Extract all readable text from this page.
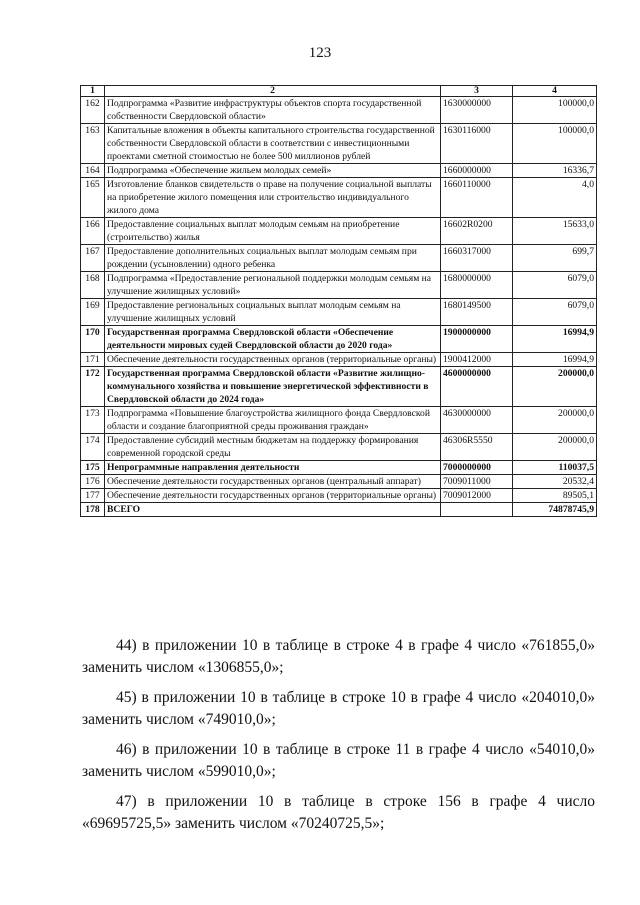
123
1	2	3	4
162	Подпрограмма «Развитие инфраструктуры объектов спорта государственной собственности Свердловской области»	1630000000	100000,0
163	Капитальные вложения в объекты капитального строительства государственной собственности Свердловской области в соответствии с инвестиционными проектами сметной стоимостью не более 500 миллионов рублей	1630116000	100000,0
164	Подпрограмма «Обеспечение жильем молодых семей»	1660000000	16336,7
165	Изготовление бланков свидетельств о праве на получение социальной выплаты на приобретение жилого помещения или строительство индивидуального жилого дома	1660110000	4,0
166	Предоставление социальных выплат молодым семьям на приобретение (строительство) жилья	16602R0200	15633,0
167	Предоставление дополнительных социальных выплат молодым семьям при рождении (усыновлении) одного ребенка	1660317000	699,7
168	Подпрограмма «Предоставление региональной поддержки молодым семьям на улучшение жилищных условий»	1680000000	6079,0
169	Предоставление региональных социальных выплат молодым семьям на улучшение жилищных условий	1680149500	6079,0
170	Государственная программа Свердловской области «Обеспечение деятельности мировых судей Свердловской области до 2020 года»	1900000000	16994,9
171	Обеспечение деятельности государственных органов (территориальные органы)	1900412000	16994,9
172	Государственная программа Свердловской области «Развитие жилищно-коммунального хозяйства и повышение энергетической эффективности в Свердловской области до 2024 года»	4600000000	200000,0
173	Подпрограмма «Повышение благоустройства жилищного фонда Свердловской области и создание благоприятной среды проживания граждан»	4630000000	200000,0
174	Предоставление субсидий местным бюджетам на поддержку формирования современной городской среды	46306R5550	200000,0
175	Непрограммные направления деятельности	7000000000	110037,5
176	Обеспечение деятельности государственных органов (центральный аппарат)	7009011000	20532,4
177	Обеспечение деятельности государственных органов (территориальные органы)	7009012000	89505,1
178	ВСЕГО		74878745,9

44) в приложении 10 в таблице в строке 4 в графе 4 число «761855,0» заменить числом «1306855,0»;

45) в приложении 10 в таблице в строке 10 в графе 4 число «204010,0» заменить числом «749010,0»;

46) в приложении 10 в таблице в строке 11 в графе 4 число «54010,0» заменить числом «599010,0»;

47) в приложении 10 в таблице в строке 156 в графе 4 число «69695725,5» заменить числом «70240725,5»;
